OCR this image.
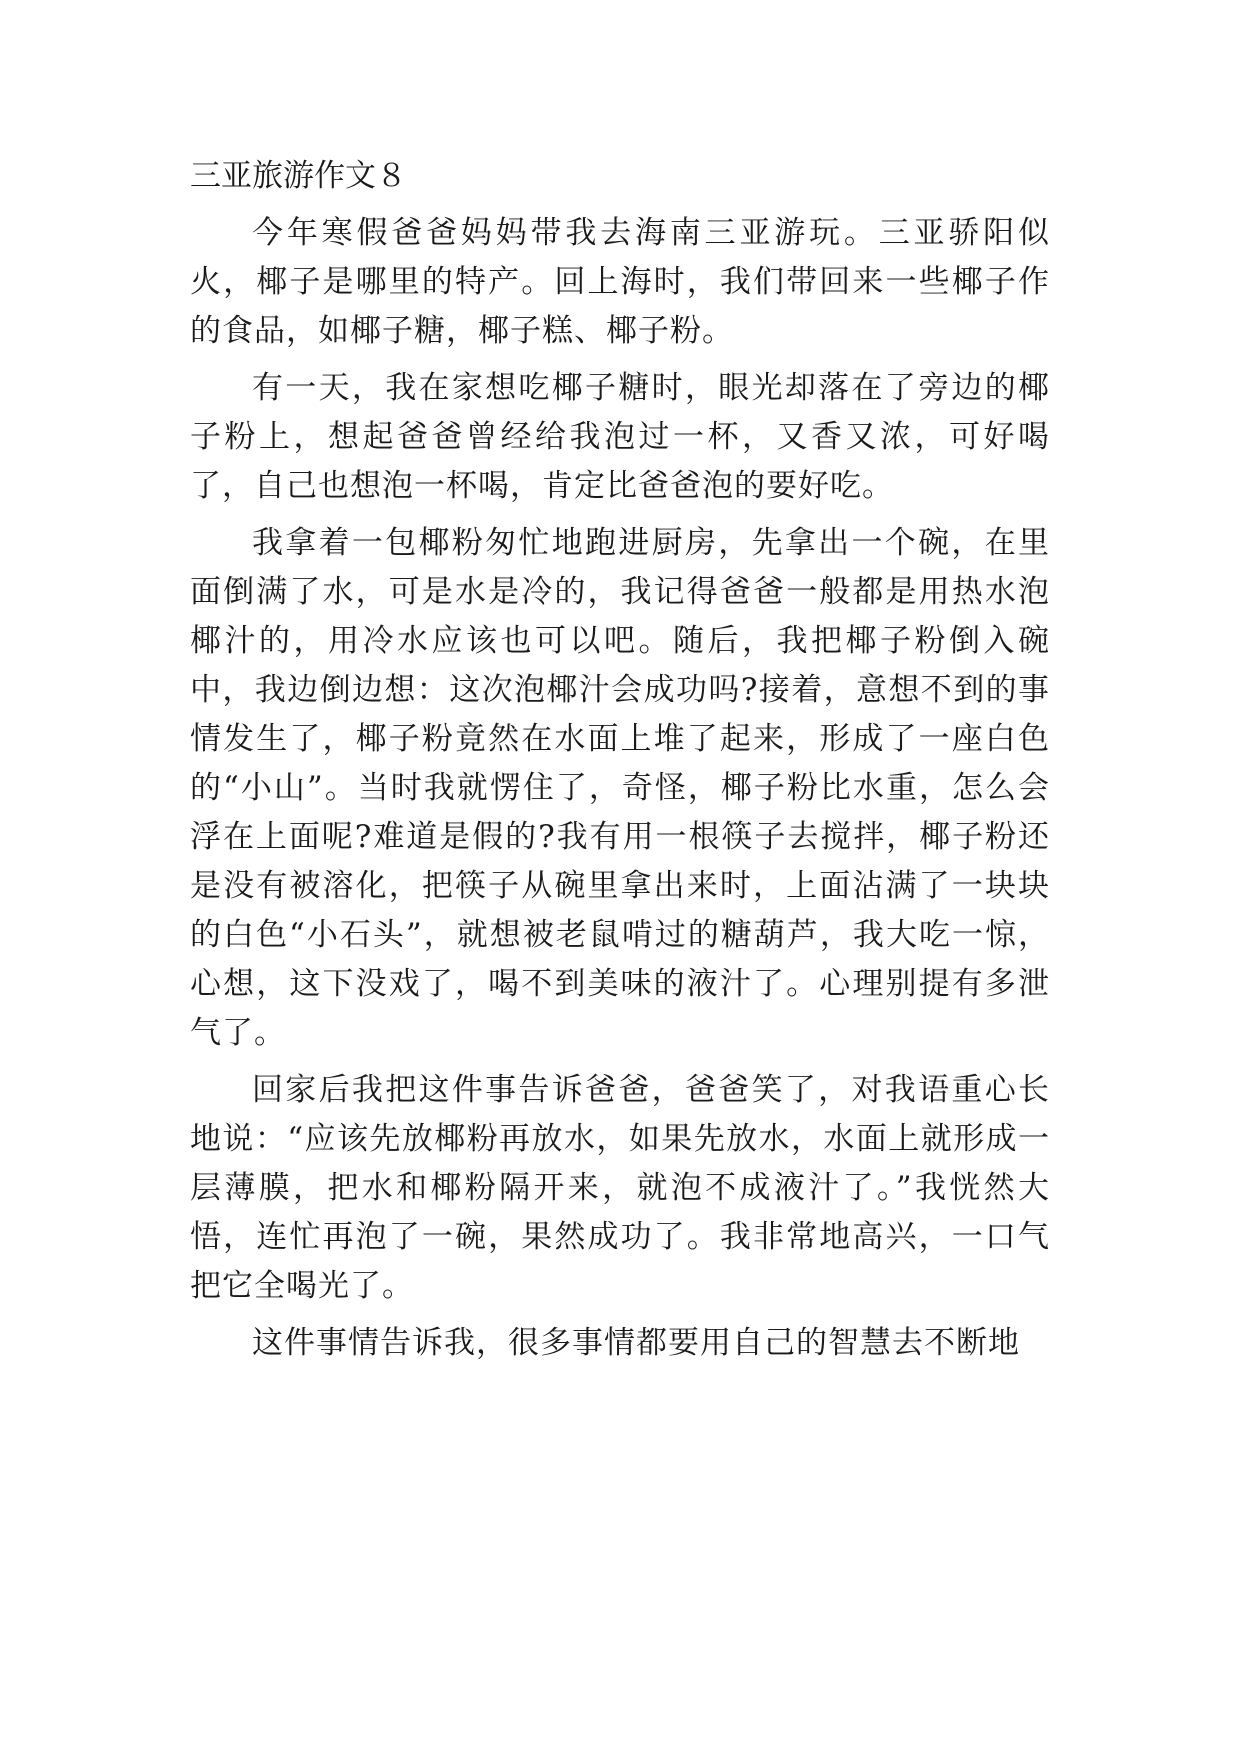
三亚旅游作文８

今年寒假爸爸妈妈带我去海南三亚游玩。三亚骄阳似火，椰子是哪里的特产。回上海时，我们带回来一些椰子作的食品，如椰子糖，椰子糕、椰子粉。

有一天，我在家想吃椰子糖时，眼光却落在了旁边的椰子粉上，想起爸爸曾经给我泡过一杯，又香又浓，可好喝了，自己也想泡一杯喝，肯定比爸爸泡的要好吃。

我拿着一包椰粉匆忙地跑进厨房，先拿出一个碗，在里面倒满了水，可是水是冷的，我记得爸爸一般都是用热水泡椰汁的，用冷水应该也可以吧。随后，我把椰子粉倒入碗中，我边倒边想：这次泡椰汁会成功吗?接着，意想不到的事情发生了，椰子粉竟然在水面上堆了起来，形成了一座白色的“小山”。当时我就愣住了，奇怪，椰子粉比水重，怎么会浮在上面呢?难道是假的?我有用一根筷子去搅拌，椰子粉还是没有被溶化，把筷子从碗里拿出来时，上面沾满了一块块的白色“小石头”，就想被老鼠啃过的糖葫芦，我大吃一惊，心想，这下没戏了，喝不到美味的液汁了。心理别提有多泄气了。

回家后我把这件事告诉爸爸，爸爸笑了，对我语重心长地说：“应该先放椰粉再放水，如果先放水，水面上就形成一层薄膜，把水和椰粉隔开来，就泡不成液汁了。”我恍然大悟，连忙再泡了一碗，果然成功了。我非常地高兴，一口气把它全喝光了。

这件事情告诉我，很多事情都要用自己的智慧去不断地
